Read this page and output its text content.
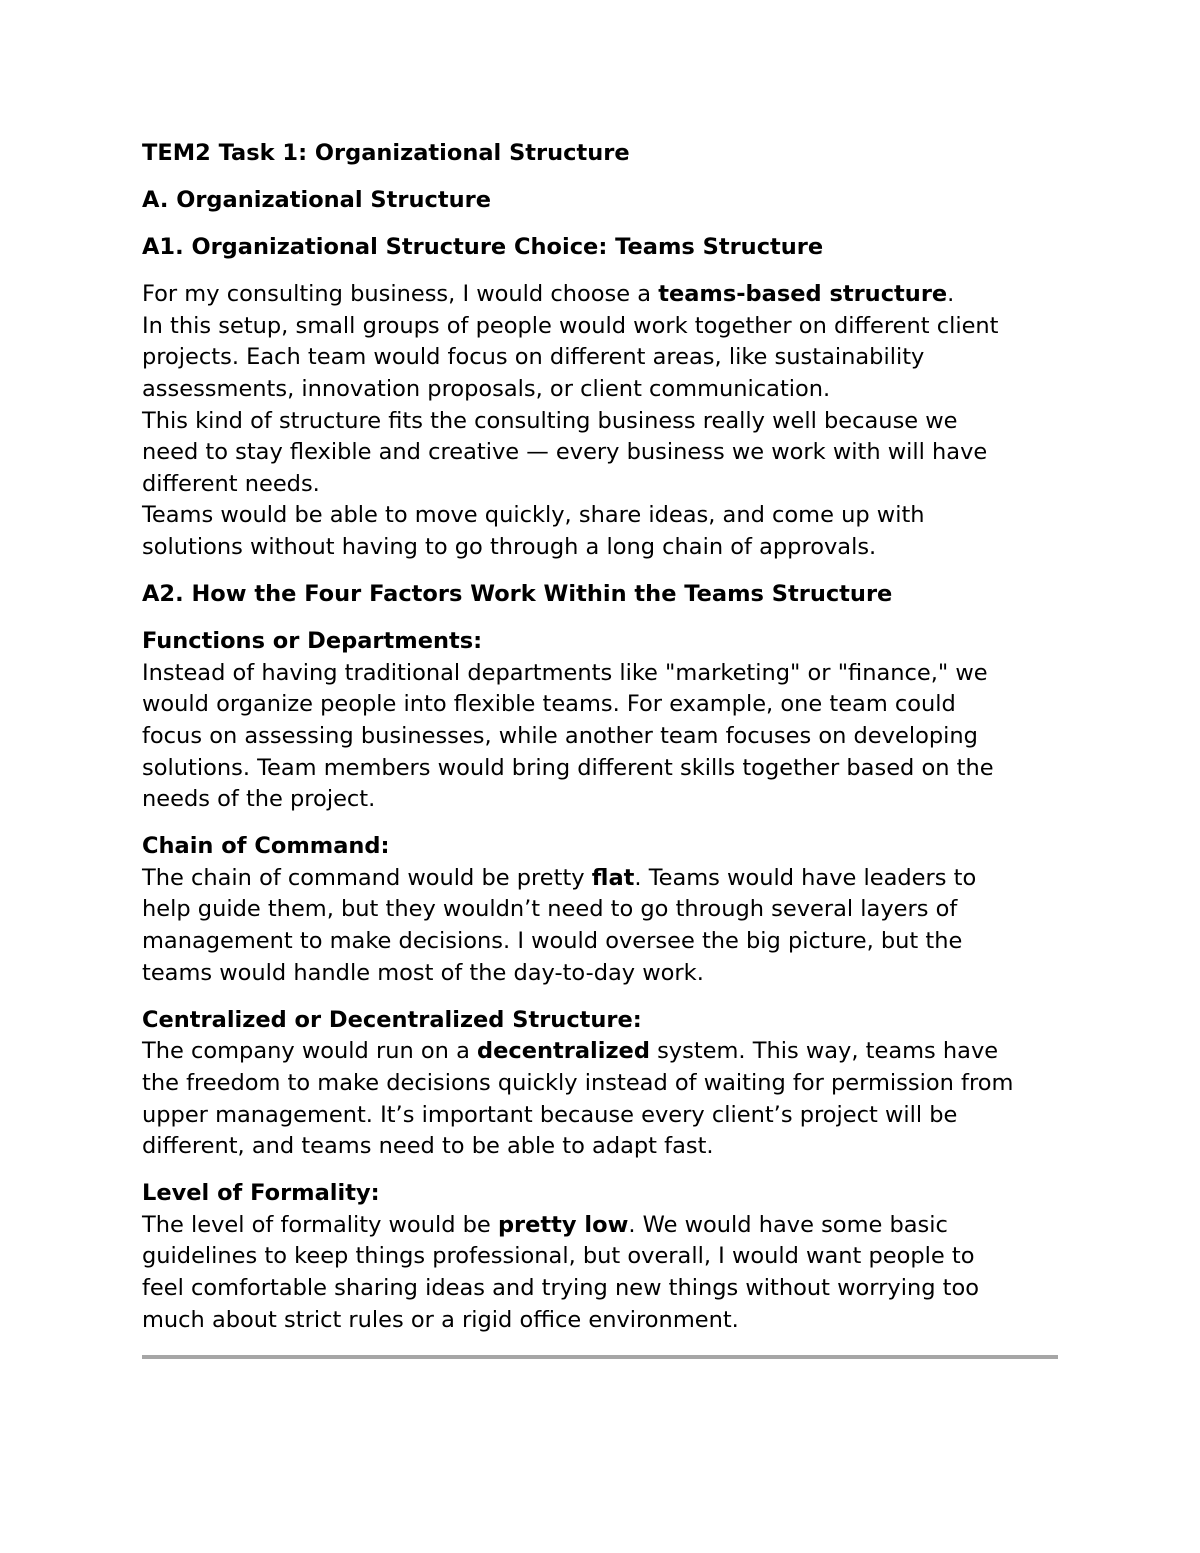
TEM2 Task 1: Organizational Structure

A. Organizational Structure

A1. Organizational Structure Choice: Teams Structure

For my consulting business, I would choose a teams-based structure.
In this setup, small groups of people would work together on different client
projects. Each team would focus on different areas, like sustainability
assessments, innovation proposals, or client communication.
This kind of structure fits the consulting business really well because we
need to stay flexible and creative — every business we work with will have
different needs.
Teams would be able to move quickly, share ideas, and come up with
solutions without having to go through a long chain of approvals.

A2. How the Four Factors Work Within the Teams Structure

Functions or Departments:
Instead of having traditional departments like "marketing" or "finance," we
would organize people into flexible teams. For example, one team could
focus on assessing businesses, while another team focuses on developing
solutions. Team members would bring different skills together based on the
needs of the project.
Chain of Command:
The chain of command would be pretty flat. Teams would have leaders to
help guide them, but they wouldn’t need to go through several layers of
management to make decisions. I would oversee the big picture, but the
teams would handle most of the day-to-day work.
Centralized or Decentralized Structure:
The company would run on a decentralized system. This way, teams have
the freedom to make decisions quickly instead of waiting for permission from
upper management. It’s important because every client’s project will be
different, and teams need to be able to adapt fast.
Level of Formality:
The level of formality would be pretty low. We would have some basic
guidelines to keep things professional, but overall, I would want people to
feel comfortable sharing ideas and trying new things without worrying too
much about strict rules or a rigid office environment.
